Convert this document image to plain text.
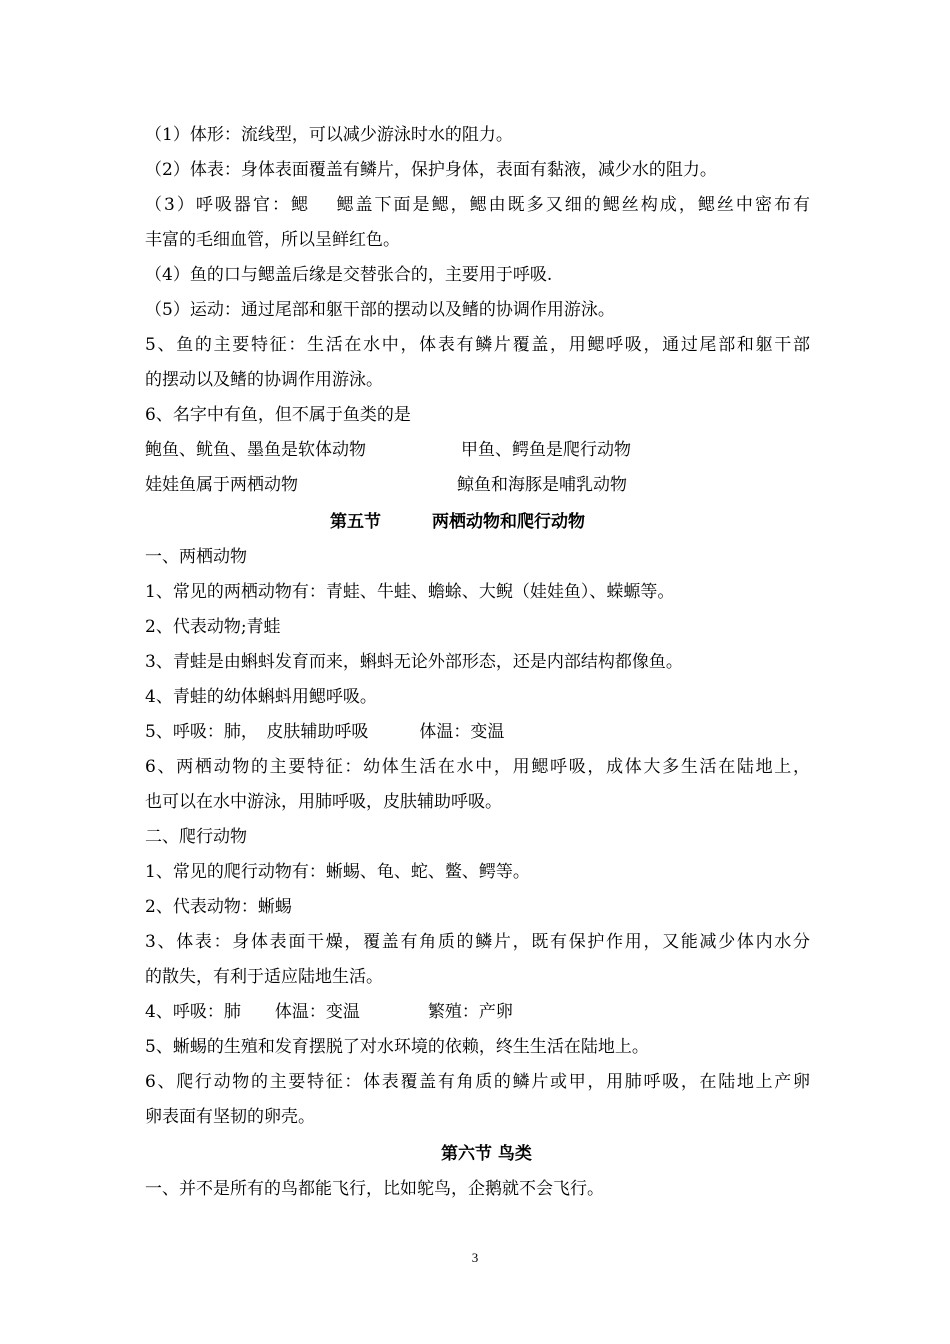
（1）体形：流线型，可以减少游泳时水的阻力。
（2）体表：身体表面覆盖有鳞片，保护身体，表面有黏液，减少水的阻力。
（3）呼吸器官：鳃　 鳃盖下面是鳃，鳃由既多又细的鳃丝构成，鳃丝中密布有
丰富的毛细血管，所以呈鲜红色。
（4）鱼的口与鳃盖后缘是交替张合的，主要用于呼吸.
（5）运动：通过尾部和躯干部的摆动以及鳍的协调作用游泳。
5、鱼的主要特征：生活在水中，体表有鳞片覆盖，用鳃呼吸，通过尾部和躯干部
的摆动以及鳍的协调作用游泳。
6、名字中有鱼，但不属于鱼类的是
鲍鱼、鱿鱼、墨鱼是软体动物	甲鱼、鳄鱼是爬行动物
娃娃鱼属于两栖动物	鲸鱼和海豚是哺乳动物
第五节　　　两栖动物和爬行动物
一、两栖动物
1、常见的两栖动物有：青蛙、牛蛙、蟾蜍、大鲵（娃娃鱼）、蝾螈等。
2、代表动物;青蛙
3、青蛙是由蝌蚪发育而来，蝌蚪无论外部形态，还是内部结构都像鱼。
4、青蛙的幼体蝌蚪用鳃呼吸。
5、呼吸：肺，　皮肤辅助呼吸　　　体温：变温
6、两栖动物的主要特征：幼体生活在水中，用鳃呼吸，成体大多生活在陆地上，
也可以在水中游泳，用肺呼吸，皮肤辅助呼吸。
二、爬行动物
1、常见的爬行动物有：蜥蜴、龟、蛇、鳖、鳄等。
2、代表动物：蜥蜴
3、体表：身体表面干燥，覆盖有角质的鳞片，既有保护作用，又能减少体内水分
的散失，有利于适应陆地生活。
4、呼吸：肺　　体温：变温　　　　繁殖：产卵
5、蜥蜴的生殖和发育摆脱了对水环境的依赖，终生生活在陆地上。
6、爬行动物的主要特征：体表覆盖有角质的鳞片或甲，用肺呼吸，在陆地上产卵
卵表面有坚韧的卵壳。
第六节 鸟类
一、并不是所有的鸟都能飞行，比如鸵鸟，企鹅就不会飞行。
3
